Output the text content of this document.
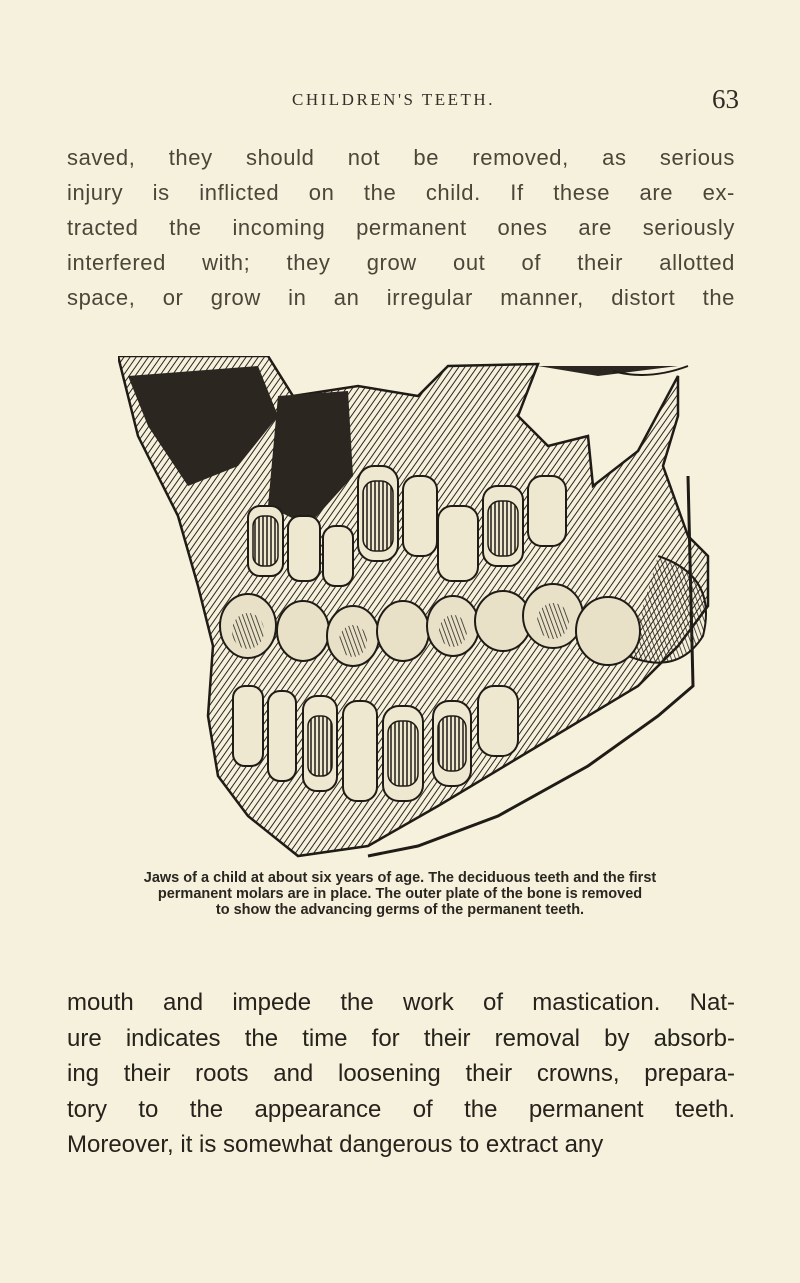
CHILDREN'S TEETH.	63
saved, they should not be removed, as serious
injury is inflicted on the child. If these are ex-
tracted the incoming permanent ones are seriously
interfered with; they grow out of their allotted
space, or grow in an irregular manner, distort the
Jaws of a child at about six years of age. The deciduous teeth and the first
permanent molars are in place. The outer plate of the bone is removed
to show the advancing germs of the permanent teeth.
mouth and impede the work of mastication. Nat-
ure indicates the time for their removal by absorb-
ing their roots and loosening their crowns, prepara-
tory to the appearance of the permanent teeth.
Moreover, it is somewhat dangerous to extract any
